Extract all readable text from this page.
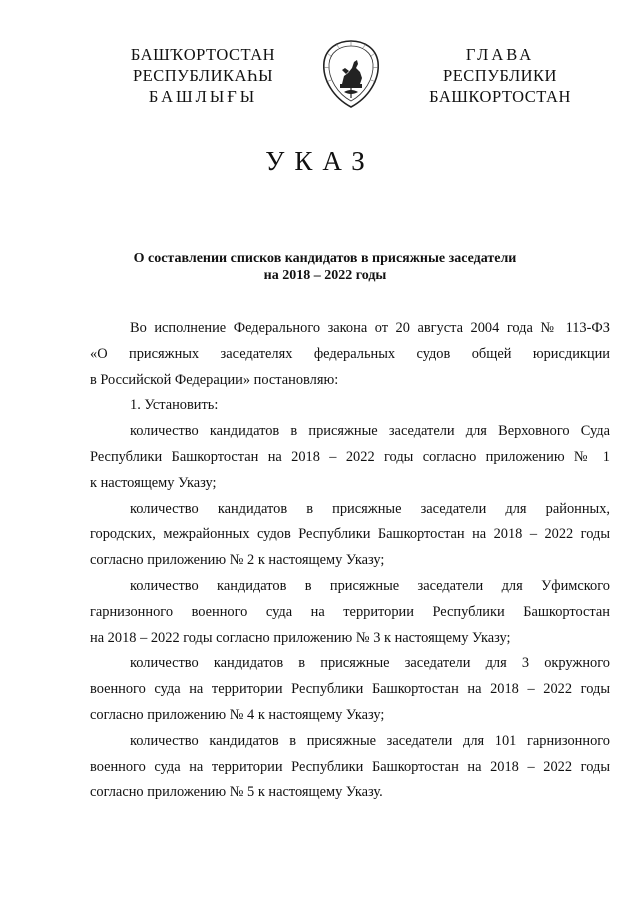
БАШҠОРТОСТАН
РЕСПУБЛИКАҺЫ
БАШЛЫҒЫ
ГЛАВА
РЕСПУБЛИКИ
БАШКОРТОСТАН
УКАЗ
О составлении списков кандидатов в присяжные заседатели
на 2018 – 2022 годы

Во исполнение Федерального закона от 20 августа 2004 года № 113-ФЗ
«О присяжных заседателях федеральных судов общей юрисдикции
в Российской Федерации» постановляю:

1. Установить:

количество кандидатов в присяжные заседатели для Верховного Суда
Республики Башкортостан на 2018 – 2022 годы согласно приложению № 1
к настоящему Указу;

количество кандидатов в присяжные заседатели для районных,
городских, межрайонных судов Республики Башкортостан на 2018 – 2022 годы
согласно приложению № 2 к настоящему Указу;

количество кандидатов в присяжные заседатели для Уфимского
гарнизонного военного суда на территории Республики Башкортостан
на 2018 – 2022 годы согласно приложению № 3 к настоящему Указу;

количество кандидатов в присяжные заседатели для 3 окружного
военного суда на территории Республики Башкортостан на 2018 – 2022 годы
согласно приложению № 4 к настоящему Указу;

количество кандидатов в присяжные заседатели для 101 гарнизонного
военного суда на территории Республики Башкортостан на 2018 – 2022 годы
согласно приложению № 5 к настоящему Указу.
